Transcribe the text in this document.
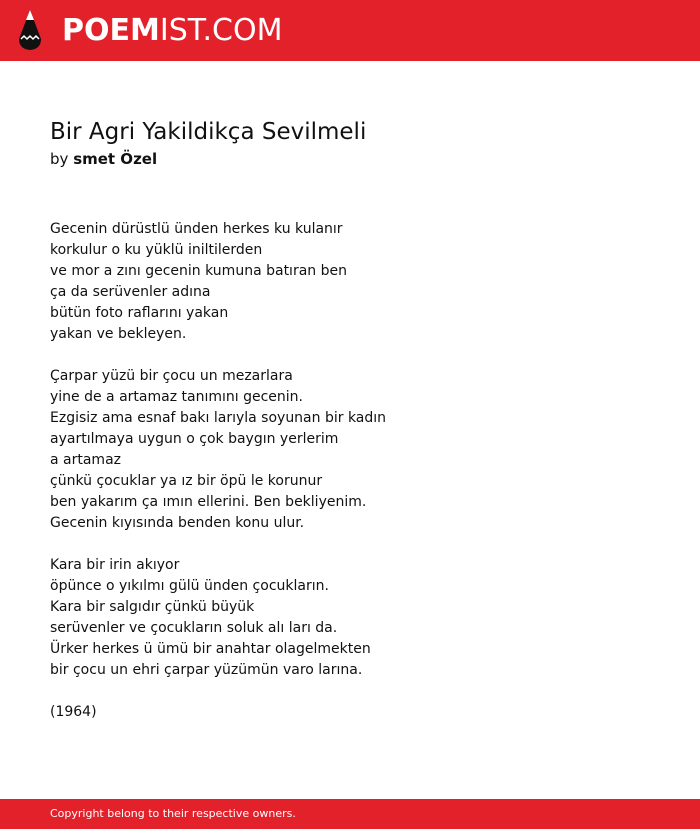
POEMIST.COM
Bir Agri Yakildikça Sevilmeli
by smet Özel
Gecenin dürüstlü ünden herkes ku kulanır
korkulur o ku yüklü iniltilerden
ve mor a zını gecenin kumuna batıran ben
ça da serüvenler adına
bütün foto raflarını yakan
yakan ve bekleyen.
Çarpar yüzü bir çocu un mezarlara
yine de a artamaz tanımını gecenin.
Ezgisiz ama esnaf bakı larıyla soyunan bir kadın
ayartılmaya uygun o çok baygın yerlerim
a artamaz
çünkü çocuklar ya ız bir öpü le korunur
ben yakarım ça ımın ellerini. Ben bekliyenim.
Gecenin kıyısında benden konu ulur.
Kara bir irin akıyor
öpünce o yıkılmı gülü ünden çocukların.
Kara bir salgıdır çünkü büyük
serüvenler ve çocukların soluk alı ları da.
Ürker herkes ü ümü bir anahtar olagelmekten
bir çocu un ehri çarpar yüzümün varo larına.
(1964)
Copyright belong to their respective owners.
